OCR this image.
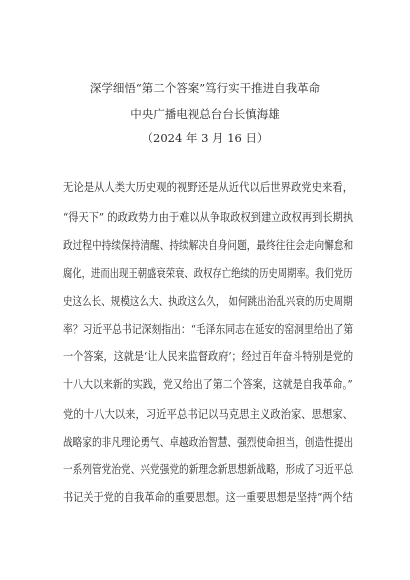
深学细悟“第二个答案”笃行实干推进自我革命
中央广播电视总台台长慎海雄
（2024 年 3 月 16 日）
无论是从人类大历史观的视野还是从近代以后世界政党史来看，
“得天下” 的政政势力由于难以从争取政权到建立政权再到长期执
政过程中持续保持清醒、持续解决自身问题，最终往往会走向懈怠和
腐化，进而出现王朝盛衰荣衰、政权存亡绝续的历史周期率。我们党历
史这么长、规模这么大、执政这么久， 如何跳出治乱兴衰的历史周期
率？习近平总书记深刻指出：“毛泽东同志在延安的窑洞里给出了第
一个答案，这就是‘让人民来监督政府’；经过百年奋斗特别是党的
十八大以来新的实践，党又给出了第二个答案，这就是自我革命。”
党的十八大以来，习近平总书记以马克思主义政治家、思想家、
战略家的非凡理论勇气、卓越政治智慧、强烈使命担当，创造性提出
一系列管党治党、兴党强党的新理念新思想新战略，形成了习近平总
书记关于党的自我革命的重要思想。这一重要思想是坚持“两个结
